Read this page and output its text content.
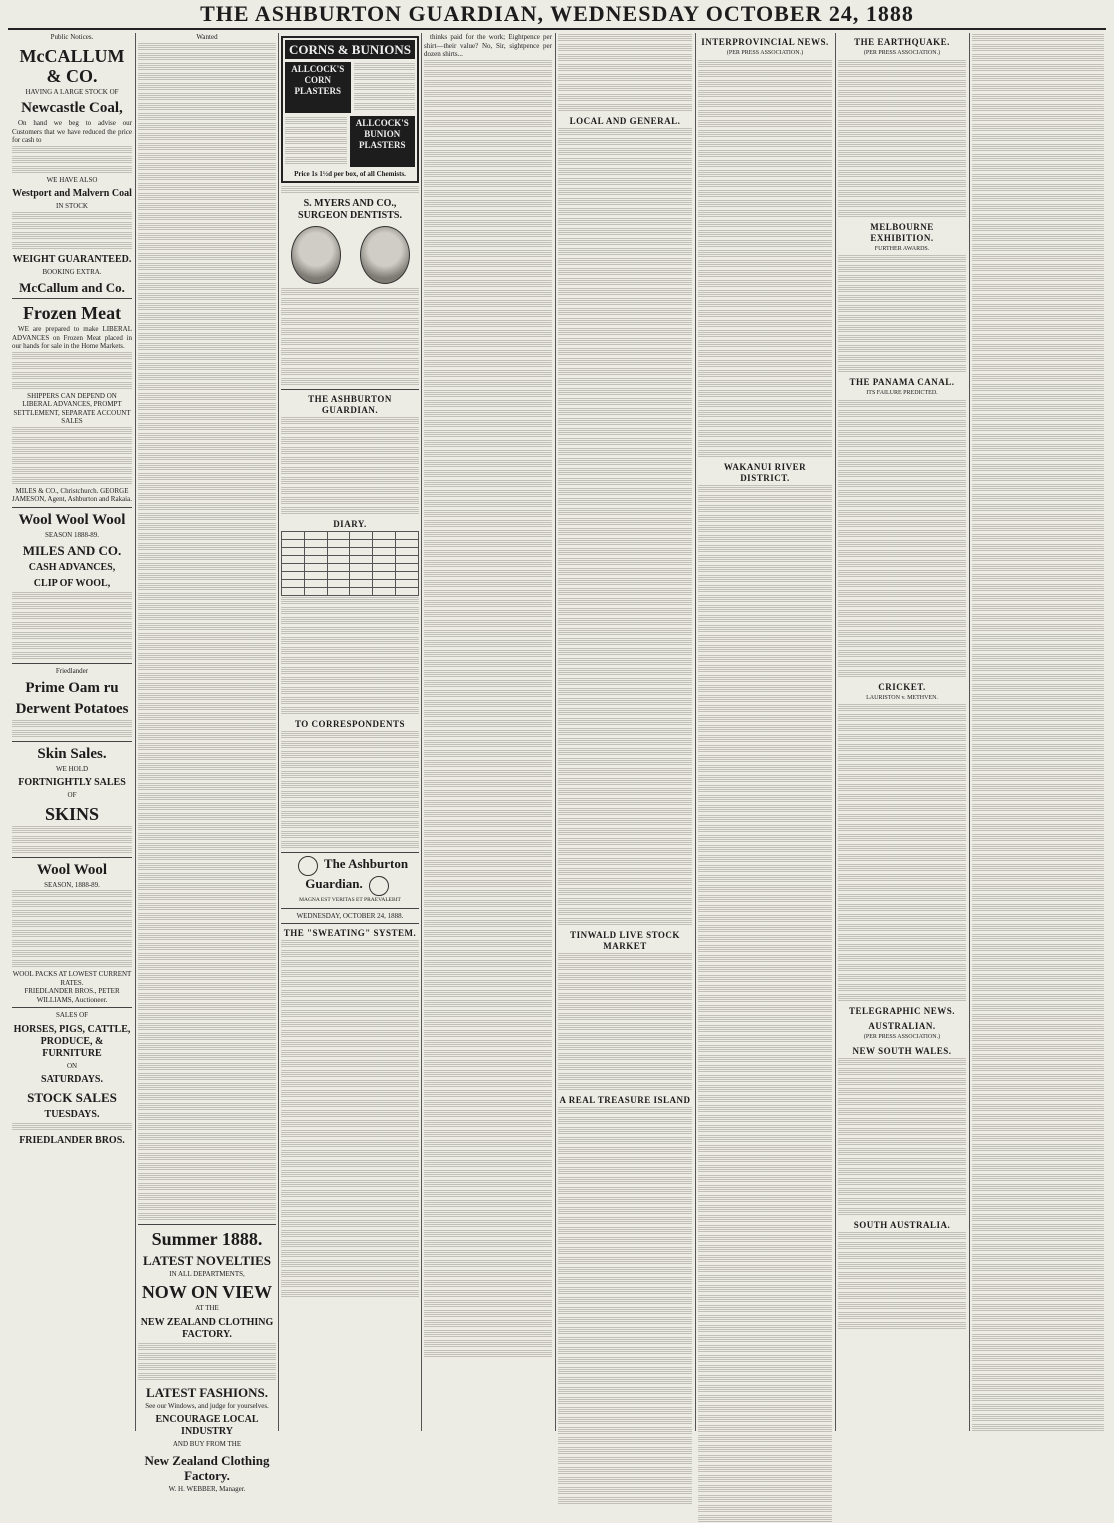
THE ASHBURTON GUARDIAN, WEDNESDAY OCTOBER 24, 1888
Public Notices.
McCALLUM & CO.
HAVING A LARGE STOCK OF
Newcastle Coal,

On hand we beg to advise our Customers that we have reduced the price for cash to

WE HAVE ALSO
Westport and Malvern Coal
IN STOCK
WEIGHT GUARANTEED.
BOOKING EXTRA.
McCallum and Co.
Frozen Meat

WE are prepared to make LIBERAL ADVANCES on Frozen Meat placed in our hands for sale in the Home Markets.

SHIPPERS CAN DEPEND ON LIBERAL ADVANCES, PROMPT SETTLEMENT, SEPARATE ACCOUNT SALES
MILES & CO., Christchurch. GEORGE JAMESON, Agent, Ashburton and Rakaia.
Wool Wool Wool
SEASON 1888-89.
MILES AND CO.
CASH ADVANCES,
CLIP OF WOOL,
Friedlander
Prime Oam ru
Derwent Potatoes
Skin Sales.
WE HOLD
FORTNIGHTLY SALES
OF
SKINS
Wool Wool
SEASON, 1888-89.
WOOL PACKS AT LOWEST CURRENT RATES.
FRIEDLANDER BROS., PETER WILLIAMS, Auctioneer.
SALES OF
HORSES, PIGS, CATTLE, PRODUCE, & FURNITURE
ON
SATURDAYS.
STOCK SALES
TUESDAYS.
FRIEDLANDER BROS.
Wanted
Summer 1888.
LATEST NOVELTIES
IN ALL DEPARTMENTS,
NOW ON VIEW
AT THE
NEW ZEALAND CLOTHING FACTORY.
LATEST FASHIONS.
See our Windows, and judge for yourselves.
ENCOURAGE LOCAL INDUSTRY
AND BUY FROM THE
New Zealand Clothing Factory.
W. H. WEBBER, Manager.
CORNS & BUNIONS
ALLCOCK'S CORN PLASTERS
ALLCOCK'S BUNION PLASTERS
Price 1s 1½d per box, of all Chemists.
S. MYERS AND CO., SURGEON DENTISTS.
THE ASHBURTON GUARDIAN.
DIARY.

TO CORRESPONDENTS
The Ashburton Guardian.
MAGNA EST VERITAS ET PRAEVALEBIT
WEDNESDAY, OCTOBER 24, 1888.
THE "SWEATING" SYSTEM.

thinks paid for the work; Eightpence per shirt—their value? No, Sir, sightpence per dozen shirts...

LOCAL AND GENERAL.
TINWALD LIVE STOCK MARKET
A REAL TREASURE ISLAND
INTERPROVINCIAL NEWS.
(PER PRESS ASSOCIATION.)
WAKANUI RIVER DISTRICT.
THE EARTHQUAKE.
(PER PRESS ASSOCIATION.)
MELBOURNE EXHIBITION.
FURTHER AWARDS.
THE PANAMA CANAL.
ITS FAILURE PREDICTED.
CRICKET.
LAURISTON v. METHVEN.
TELEGRAPHIC NEWS.
AUSTRALIAN.
(PER PRESS ASSOCIATION.)
NEW SOUTH WALES.
SOUTH AUSTRALIA.
